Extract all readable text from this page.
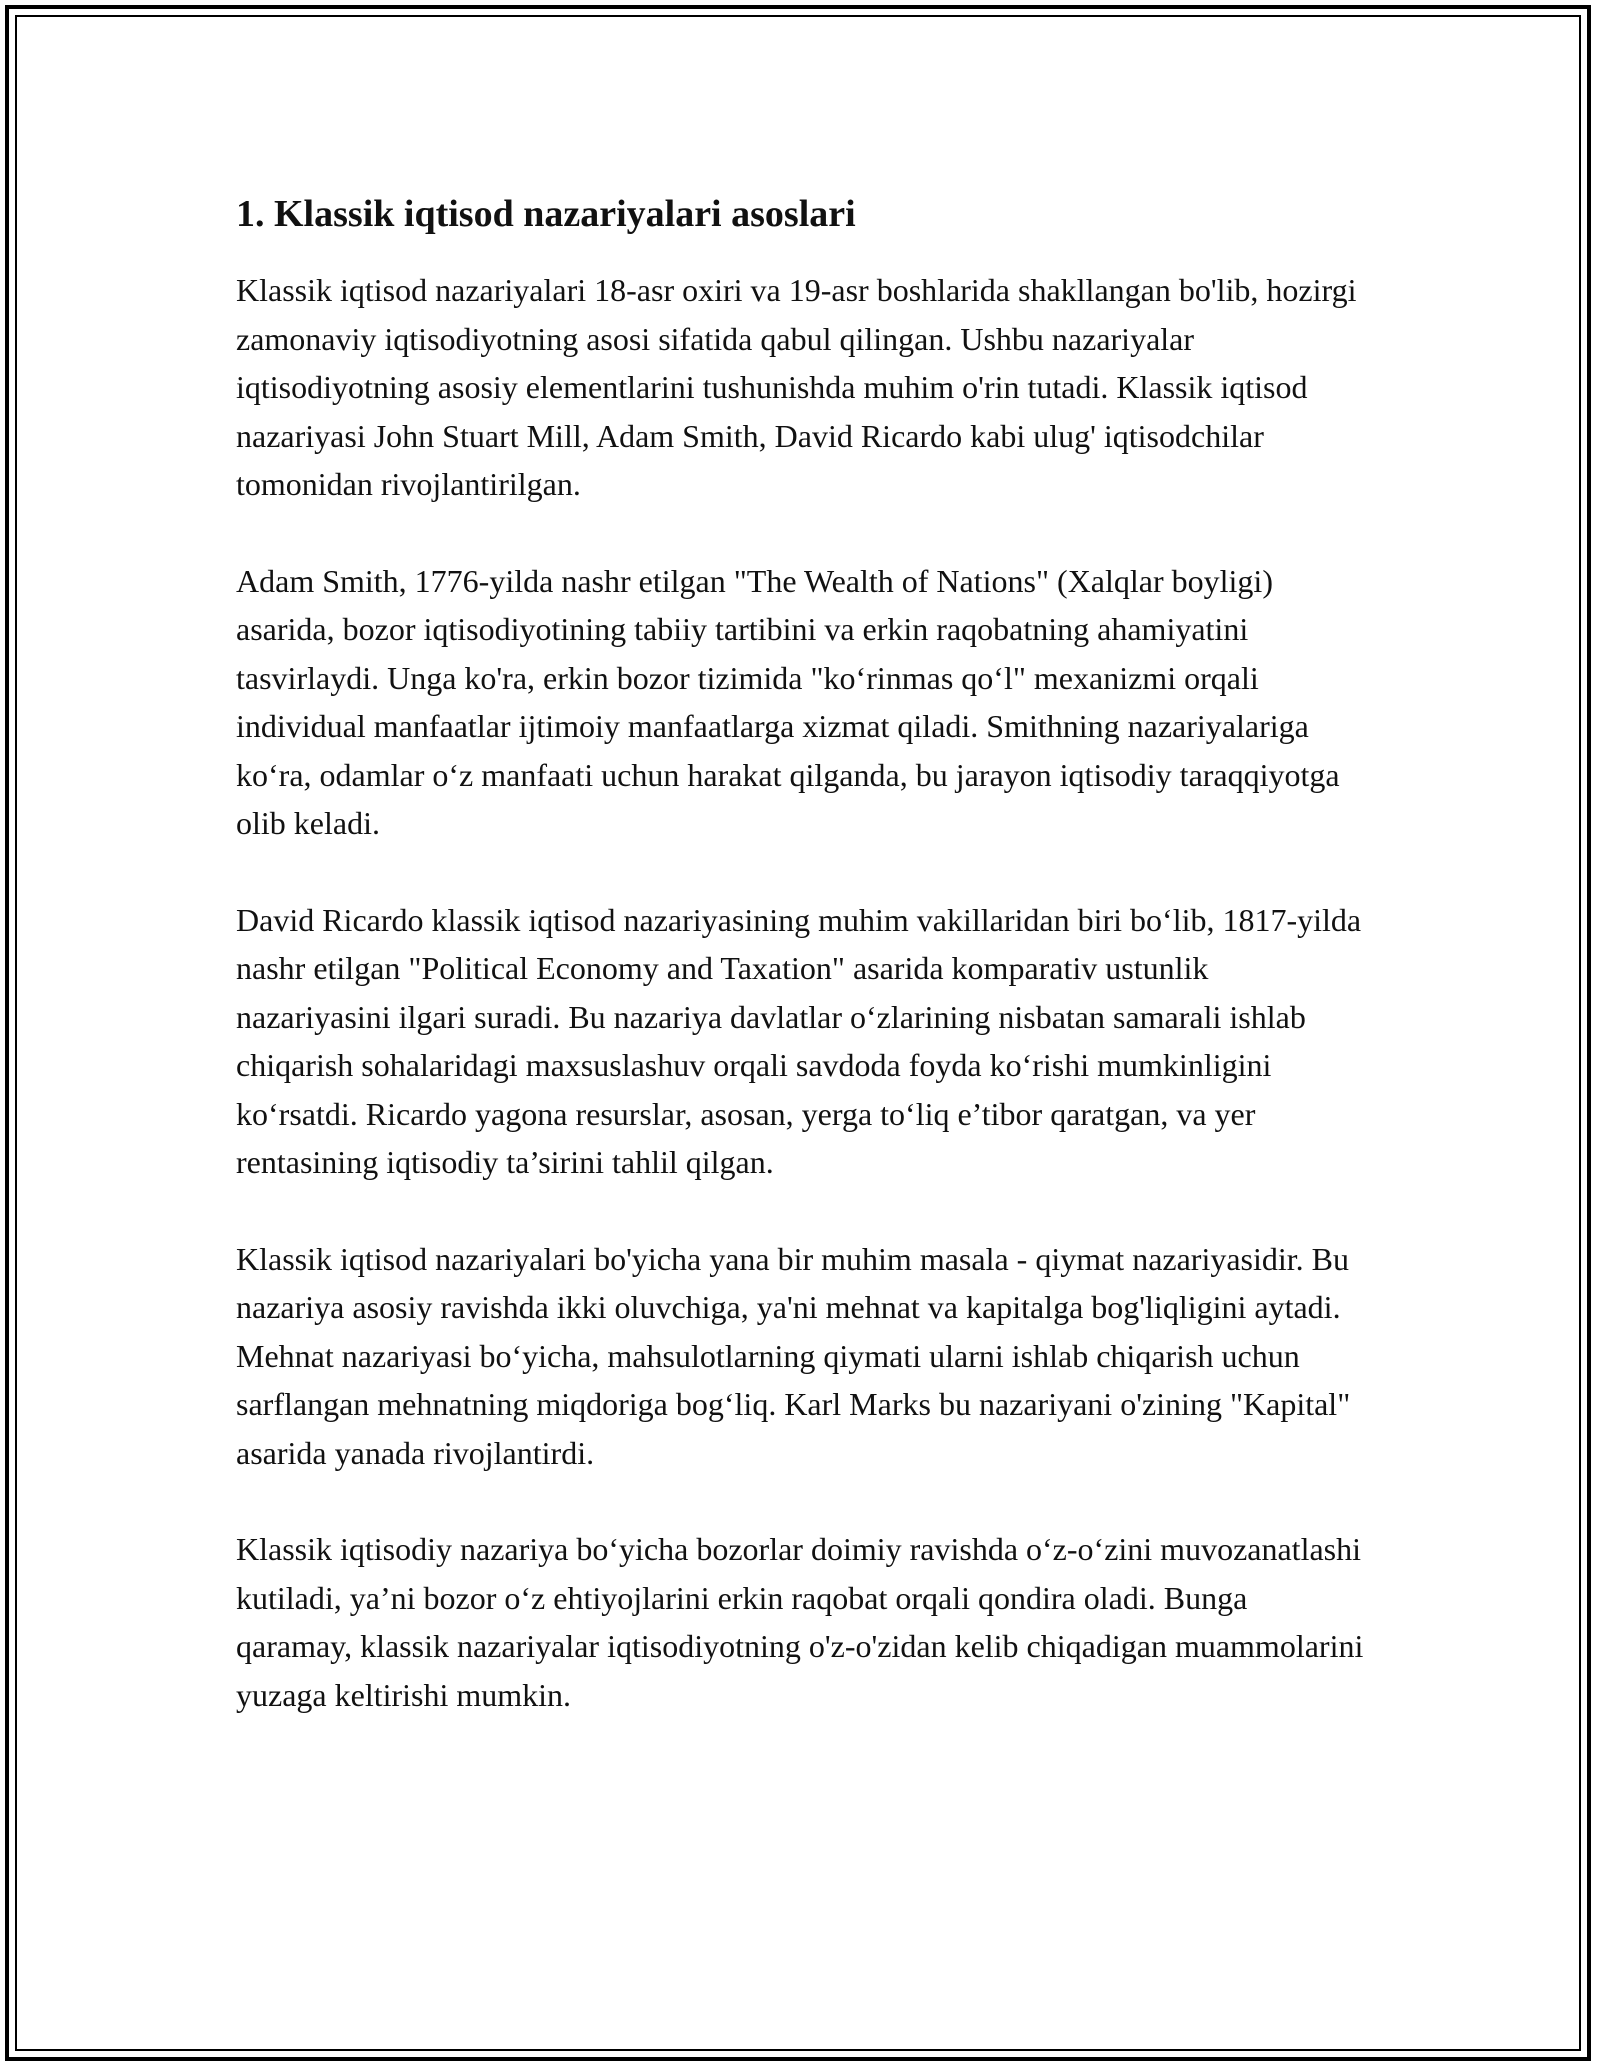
1. Klassik iqtisod nazariyalari asoslari

Klassik iqtisod nazariyalari 18-asr oxiri va 19-asr boshlarida shakllangan bo'lib, hozirgi zamonaviy iqtisodiyotning asosi sifatida qabul qilingan. Ushbu nazariyalar iqtisodiyotning asosiy elementlarini tushunishda muhim o'rin tutadi. Klassik iqtisod nazariyasi John Stuart Mill, Adam Smith, David Ricardo kabi ulug' iqtisodchilar tomonidan rivojlantirilgan.

Adam Smith, 1776-yilda nashr etilgan "The Wealth of Nations" (Xalqlar boyligi) asarida, bozor iqtisodiyotining tabiiy tartibini va erkin raqobatning ahamiyatini tasvirlaydi. Unga ko'ra, erkin bozor tizimida "ko‘rinmas qo‘l" mexanizmi orqali individual manfaatlar ijtimoiy manfaatlarga xizmat qiladi. Smithning nazariyalariga ko‘ra, odamlar o‘z manfaati uchun harakat qilganda, bu jarayon iqtisodiy taraqqiyotga olib keladi.

David Ricardo klassik iqtisod nazariyasining muhim vakillaridan biri bo‘lib, 1817-yilda nashr etilgan "Political Economy and Taxation" asarida komparativ ustunlik nazariyasini ilgari suradi. Bu nazariya davlatlar o‘zlarining nisbatan samarali ishlab chiqarish sohalaridagi maxsuslashuv orqali savdoda foyda ko‘rishi mumkinligini ko‘rsatdi. Ricardo yagona resurslar, asosan, yerga to‘liq e’tibor qaratgan, va yer rentasining iqtisodiy ta’sirini tahlil qilgan.

Klassik iqtisod nazariyalari bo'yicha yana bir muhim masala - qiymat nazariyasidir. Bu nazariya asosiy ravishda ikki oluvchiga, ya'ni mehnat va kapitalga bog'liqligini aytadi. Mehnat nazariyasi bo‘yicha, mahsulotlarning qiymati ularni ishlab chiqarish uchun sarflangan mehnatning miqdoriga bog‘liq. Karl Marks bu nazariyani o'zining "Kapital" asarida yanada rivojlantirdi.

Klassik iqtisodiy nazariya bo‘yicha bozorlar doimiy ravishda o‘z-o‘zini muvozanatlashi kutiladi, ya’ni bozor o‘z ehtiyojlarini erkin raqobat orqali qondira oladi. Bunga qaramay, klassik nazariyalar iqtisodiyotning o'z-o'zidan kelib chiqadigan muammolarini yuzaga keltirishi mumkin.
